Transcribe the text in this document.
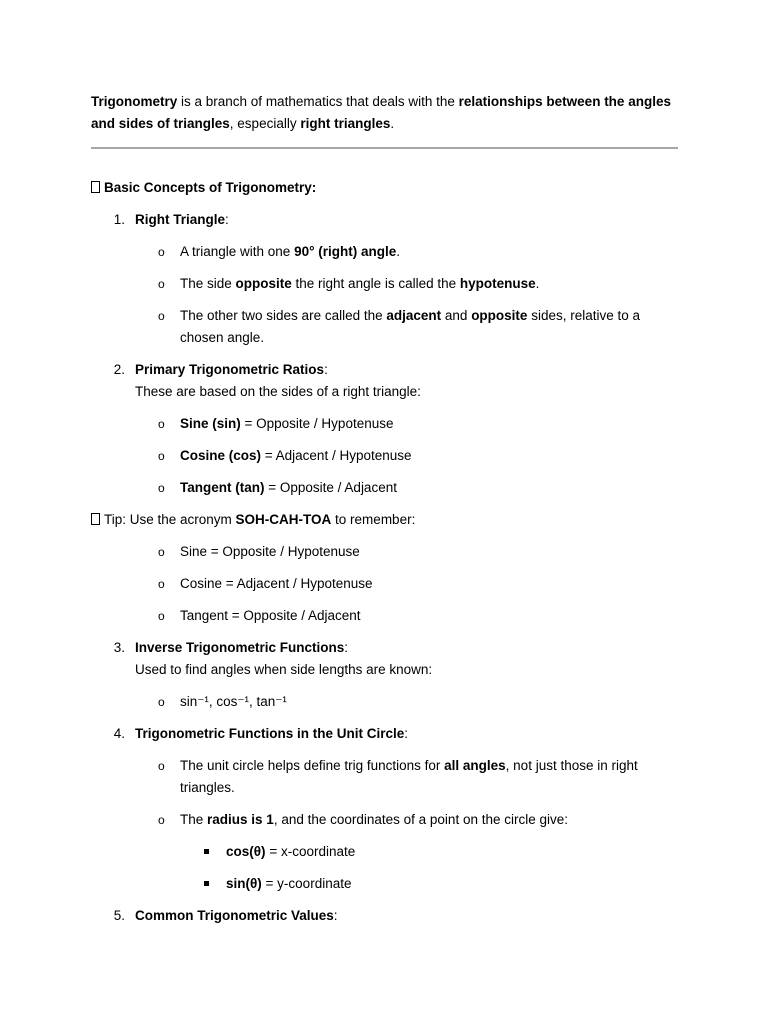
Trigonometry is a branch of mathematics that deals with the relationships between the angles
and sides of triangles, especially right triangles.
Basic Concepts of Trigonometry:
1. Right Triangle:
o A triangle with one 90° (right) angle.
o The side opposite the right angle is called the hypotenuse.
o The other two sides are called the adjacent and opposite sides, relative to a
chosen angle.
2. Primary Trigonometric Ratios:
These are based on the sides of a right triangle:
o Sine (sin) = Opposite / Hypotenuse
o Cosine (cos) = Adjacent / Hypotenuse
o Tangent (tan) = Opposite / Adjacent
Tip: Use the acronym SOH-CAH-TOA to remember:
o Sine = Opposite / Hypotenuse
o Cosine = Adjacent / Hypotenuse
o Tangent = Opposite / Adjacent
3. Inverse Trigonometric Functions:
Used to find angles when side lengths are known:
o sin⁻¹, cos⁻¹, tan⁻¹
4. Trigonometric Functions in the Unit Circle:
o The unit circle helps define trig functions for all angles, not just those in right
triangles.
o The radius is 1, and the coordinates of a point on the circle give:
cos(θ) = x-coordinate
sin(θ) = y-coordinate
5. Common Trigonometric Values:
